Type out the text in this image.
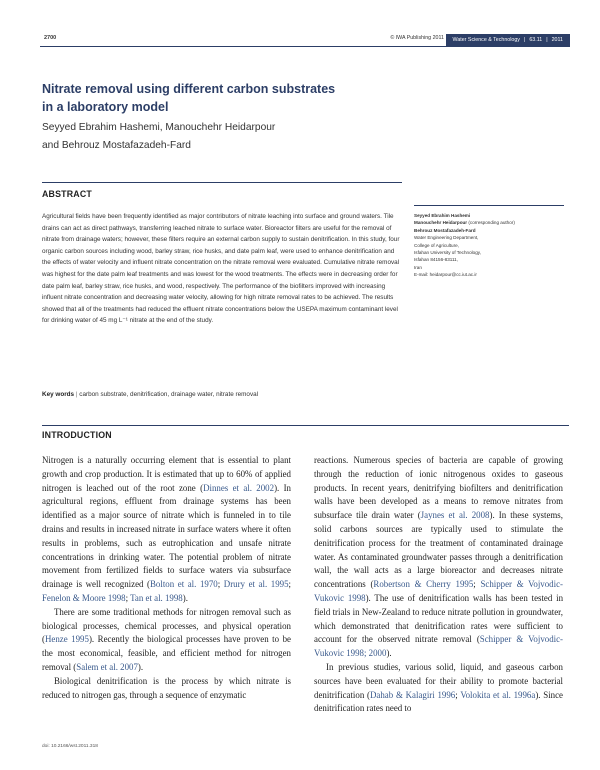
2700	© IWA Publishing 2011	Water Science & Technology | 63.11 | 2011
Nitrate removal using different carbon substrates
in a laboratory model

Seyyed Ebrahim Hashemi, Manouchehr Heidarpour
and Behrouz Mostafazadeh-Fard

ABSTRACT

Agricultural fields have been frequently identified as major contributors of nitrate leaching into surface and ground waters. Tile drains can act as direct pathways, transferring leached nitrate to surface water. Bioreactor filters are useful for the removal of nitrate from drainage waters; however, these filters require an external carbon supply to sustain denitrification. In this study, four organic carbon sources including wood, barley straw, rice husks, and date palm leaf, were used to enhance denitrification and the effects of water velocity and influent nitrate concentration on the nitrate removal were evaluated. Cumulative nitrate removal was highest for the date palm leaf treatments and was lowest for the wood treatments. The effects were in decreasing order for date palm leaf, barley straw, rice husks, and wood, respectively. The performance of the biofilters improved with increasing influent nitrate concentration and decreasing water velocity, allowing for high nitrate removal rates to be achieved. The results showed that all of the treatments had reduced the effluent nitrate concentrations below the USEPA maximum contaminant level for drinking water of 45 mg L⁻¹ nitrate at the end of the study.

Key words | carbon substrate, denitrification, drainage water, nitrate removal
Seyyed Ebrahim Hashemi
Manouchehr Heidarpour (corresponding author)
Behrouz Mostafazadeh-Fard
Water Engineering Department,
College of Agriculture,
Isfahan University of Technology,
Isfahan 84156-83111,
Iran
E-mail: heidarpour@cc.iut.ac.ir
INTRODUCTION

Nitrogen is a naturally occurring element that is essential to plant growth and crop production. It is estimated that up to 60% of applied nitrogen is leached out of the root zone (Dinnes et al. 2002). In agricultural regions, effluent from drainage systems has been identified as a major source of nitrate which is funneled in to tile drains and results in increased nitrate in surface waters where it often results in problems, such as eutrophication and unsafe nitrate concentrations in drinking water. The potential problem of nitrate movement from fertilized fields to surface waters via subsurface drainage is well recognized (Bolton et al. 1970; Drury et al. 1995; Fenelon & Moore 1998; Tan et al. 1998).

There are some traditional methods for nitrogen removal such as biological processes, chemical processes, and physical operation (Henze 1995). Recently the biological processes have proven to be the most economical, feasible, and efficient method for nitrogen removal (Salem et al. 2007).

Biological denitrification is the process by which nitrate is reduced to nitrogen gas, through a sequence of enzymatic

reactions. Numerous species of bacteria are capable of growing through the reduction of ionic nitrogenous oxides to gaseous products. In recent years, denitrifying biofilters and denitrification walls have been developed as a means to remove nitrates from subsurface tile drain water (Jaynes et al. 2008). In these systems, solid carbons sources are typically used to stimulate the denitrification process for the treatment of contaminated drainage water. As contaminated groundwater passes through a denitrification wall, the wall acts as a large bioreactor and decreases nitrate concentrations (Robertson & Cherry 1995; Schipper & Vojvodic-Vukovic 1998). The use of denitrification walls has been tested in field trials in New-Zealand to reduce nitrate pollution in groundwater, which demonstrated that denitrification rates were sufficient to account for the observed nitrate removal (Schipper & Vojvodic-Vukovic 1998; 2000).

In previous studies, various solid, liquid, and gaseous carbon sources have been evaluated for their ability to promote bacterial denitrification (Dahab & Kalagiri 1996; Volokita et al. 1996a). Since denitrification rates need to

doi: 10.2166/wst.2011.318
